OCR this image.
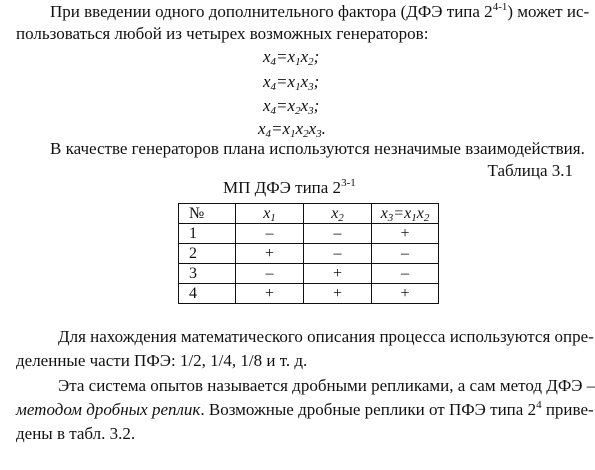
При введении одного дополнительного фактора (ДФЭ типа 2$^{4-1}$) может ис-
пользоваться любой из четырех возможных генераторов:
$x_4=x_1x_2$;
$x_4=x_1x_3$;
$x_4=x_2x_3$;
$x_4=x_1x_2x_3$.
В качестве генераторов плана используются незначимые взаимодействия.
Таблица 3.1
МП ДФЭ типа 2$^{3-1}$
№	$x_1$	$x_2$	$x_3=x_1x_2$
1	–	–	+
2	+	–	–
3	–	+	–
4	+	+	+
Для нахождения математического описания процесса используются опре-
деленные части ПФЭ: 1/2, 1/4, 1/8 и т. д.
Эта система опытов называется дробными репликами, а сам метод ДФЭ –
методом дробных реплик. Возможные дробные реплики от ПФЭ типа $2^4$ приве-
дены в табл. 3.2.
